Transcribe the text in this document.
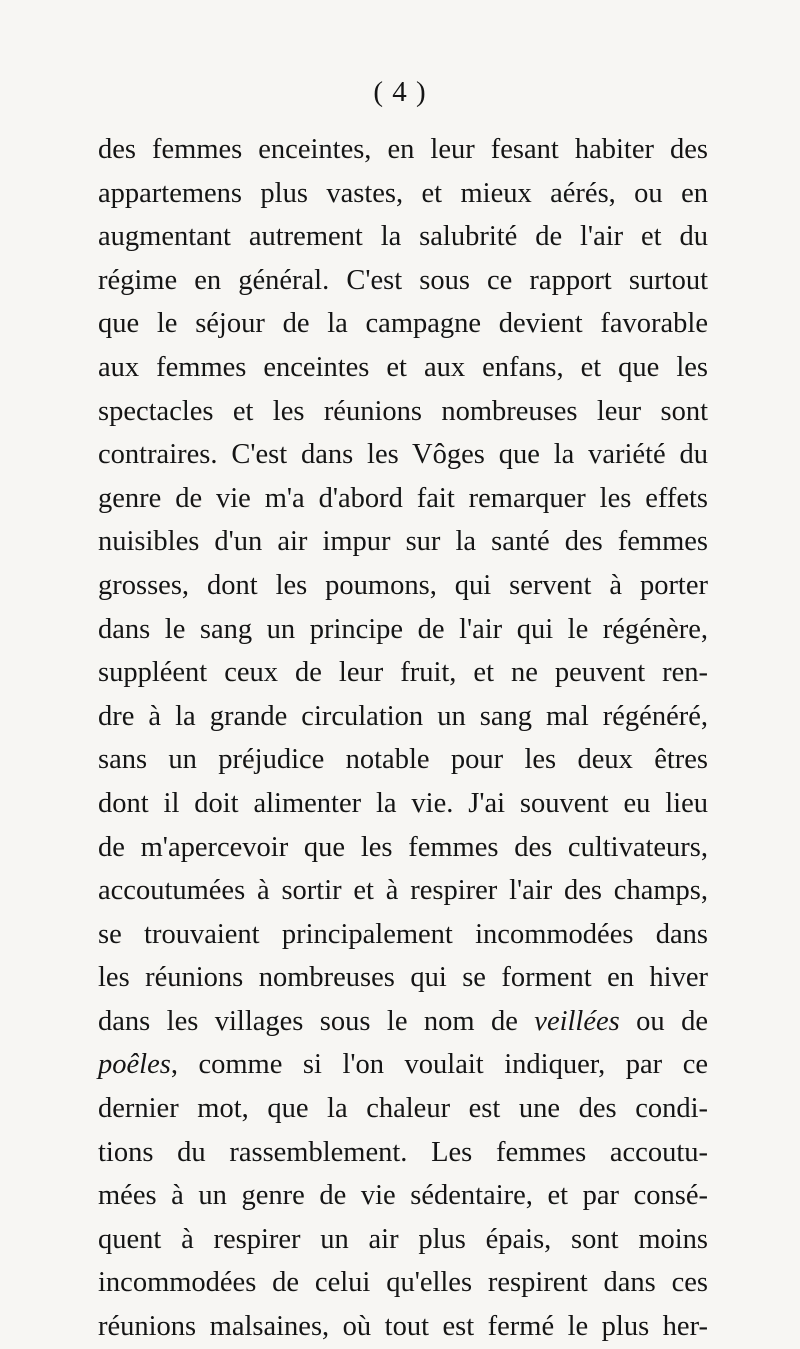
( 4 )
des femmes enceintes, en leur fesant habiter des
appartemens plus vastes, et mieux aérés, ou en
augmentant autrement la salubrité de l'air et du
régime en général. C'est sous ce rapport surtout
que le séjour de la campagne devient favorable
aux femmes enceintes et aux enfans, et que les
spectacles et les réunions nombreuses leur sont
contraires. C'est dans les Vôges que la variété du
genre de vie m'a d'abord fait remarquer les effets
nuisibles d'un air impur sur la santé des femmes
grosses, dont les poumons, qui servent à porter
dans le sang un principe de l'air qui le régénère,
suppléent ceux de leur fruit, et ne peuvent ren-
dre à la grande circulation un sang mal régénéré,
sans un préjudice notable pour les deux êtres
dont il doit alimenter la vie. J'ai souvent eu lieu
de m'apercevoir que les femmes des cultivateurs,
accoutumées à sortir et à respirer l'air des champs,
se trouvaient principalement incommodées dans
les réunions nombreuses qui se forment en hiver
dans les villages sous le nom de veillées ou de
poêles, comme si l'on voulait indiquer, par ce
dernier mot, que la chaleur est une des condi-
tions du rassemblement. Les femmes accoutu-
mées à un genre de vie sédentaire, et par consé-
quent à respirer un air plus épais, sont moins
incommodées de celui qu'elles respirent dans ces
réunions malsaines, où tout est fermé le plus her-
